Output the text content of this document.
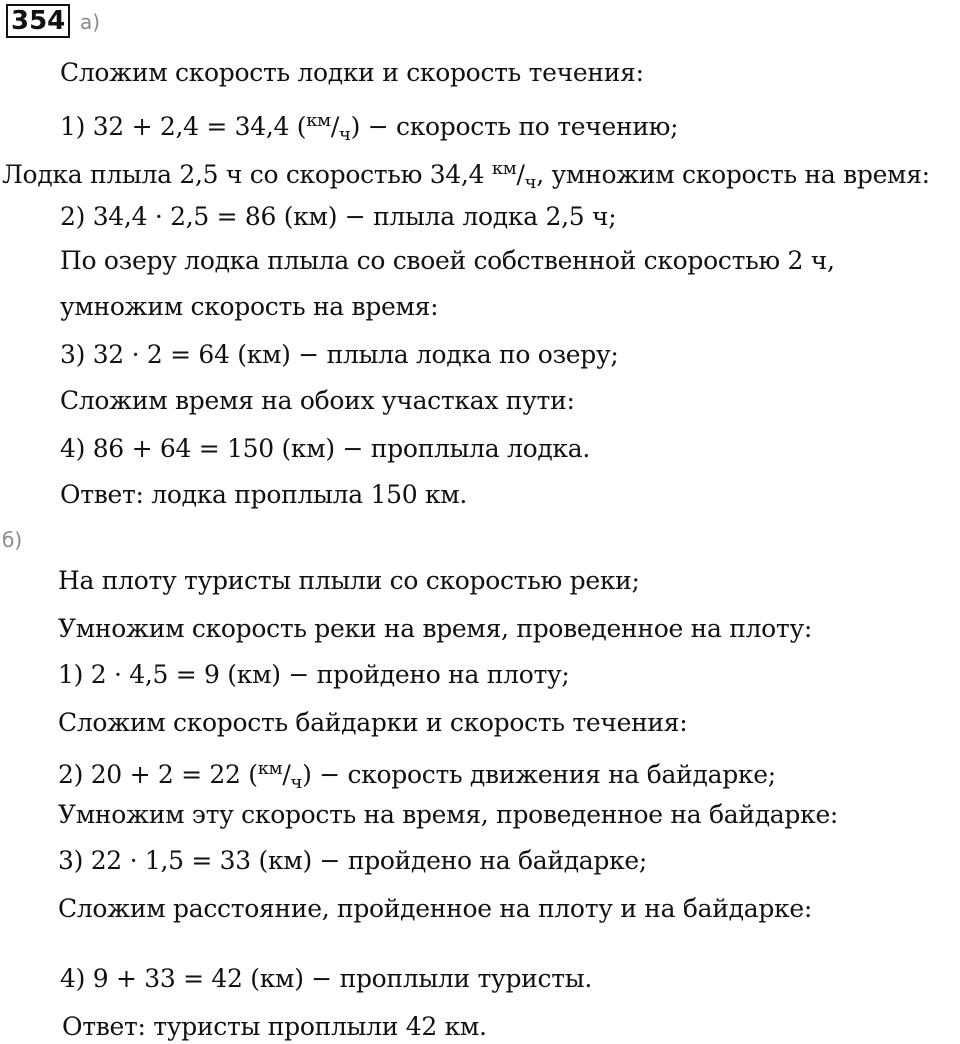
354 а)
Сложим скорость лодки и скорость течения:
1) 32 + 2,4 = 34,4 $(^{км}/_ч)$ − скорость по течению;
Лодка плыла 2,5 ч со скоростью 34,4 $^{км}/_ч$, умножим скорость на время:
2) 34,4 · 2,5 = 86 (км) − плыла лодка 2,5 ч;
По озеру лодка плыла со своей собственной скоростью 2 ч,
умножим скорость на время:
3) 32 · 2 = 64 (км) − плыла лодка по озеру;
Сложим время на обоих участках пути:
4) 86 + 64 = 150 (км) − проплыла лодка.
Ответ: лодка проплыла 150 км.
б)
На плоту туристы плыли со скоростью реки;
Умножим скорость реки на время, проведенное на плоту:
1) 2 · 4,5 = 9 (км) − пройдено на плоту;
Сложим скорость байдарки и скорость течения:
2) 20 + 2 = 22 $(^{км}/_ч)$ − скорость движения на байдарке;
Умножим эту скорость на время, проведенное на байдарке:
3) 22 · 1,5 = 33 (км) − пройдено на байдарке;
Сложим расстояние, пройденное на плоту и на байдарке:
4) 9 + 33 = 42 (км) − проплыли туристы.
Ответ: туристы проплыли 42 км.
